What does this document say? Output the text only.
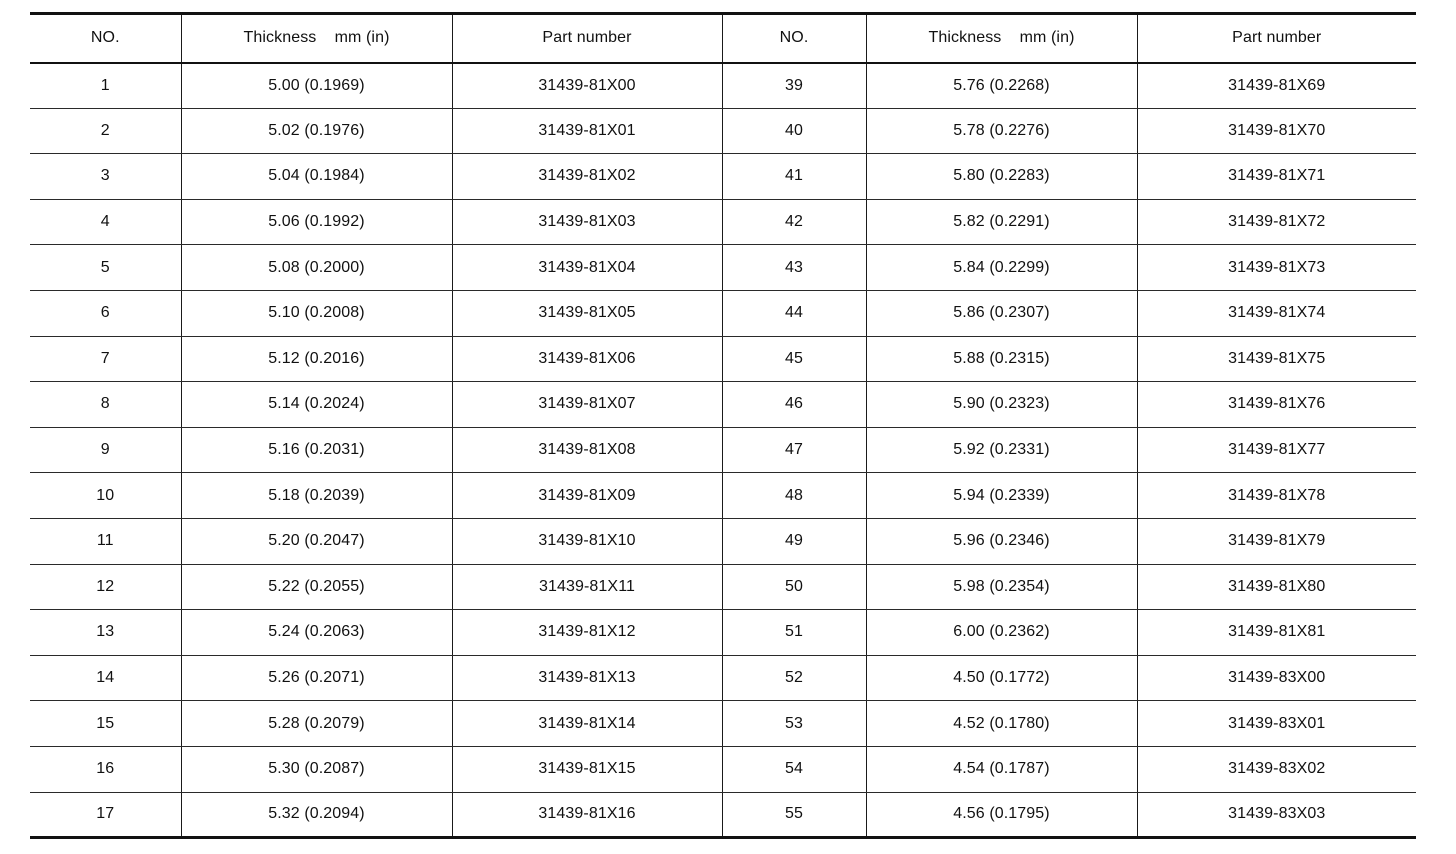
NO.	Thickness    mm (in)	Part number	NO.	Thickness    mm (in)	Part number
1	5.00 (0.1969)	31439-81X00	39	5.76 (0.2268)	31439-81X69
2	5.02 (0.1976)	31439-81X01	40	5.78 (0.2276)	31439-81X70
3	5.04 (0.1984)	31439-81X02	41	5.80 (0.2283)	31439-81X71
4	5.06 (0.1992)	31439-81X03	42	5.82 (0.2291)	31439-81X72
5	5.08 (0.2000)	31439-81X04	43	5.84 (0.2299)	31439-81X73
6	5.10 (0.2008)	31439-81X05	44	5.86 (0.2307)	31439-81X74
7	5.12 (0.2016)	31439-81X06	45	5.88 (0.2315)	31439-81X75
8	5.14 (0.2024)	31439-81X07	46	5.90 (0.2323)	31439-81X76
9	5.16 (0.2031)	31439-81X08	47	5.92 (0.2331)	31439-81X77
10	5.18 (0.2039)	31439-81X09	48	5.94 (0.2339)	31439-81X78
11	5.20 (0.2047)	31439-81X10	49	5.96 (0.2346)	31439-81X79
12	5.22 (0.2055)	31439-81X11	50	5.98 (0.2354)	31439-81X80
13	5.24 (0.2063)	31439-81X12	51	6.00 (0.2362)	31439-81X81
14	5.26 (0.2071)	31439-81X13	52	4.50 (0.1772)	31439-83X00
15	5.28 (0.2079)	31439-81X14	53	4.52 (0.1780)	31439-83X01
16	5.30 (0.2087)	31439-81X15	54	4.54 (0.1787)	31439-83X02
17	5.32 (0.2094)	31439-81X16	55	4.56 (0.1795)	31439-83X03
